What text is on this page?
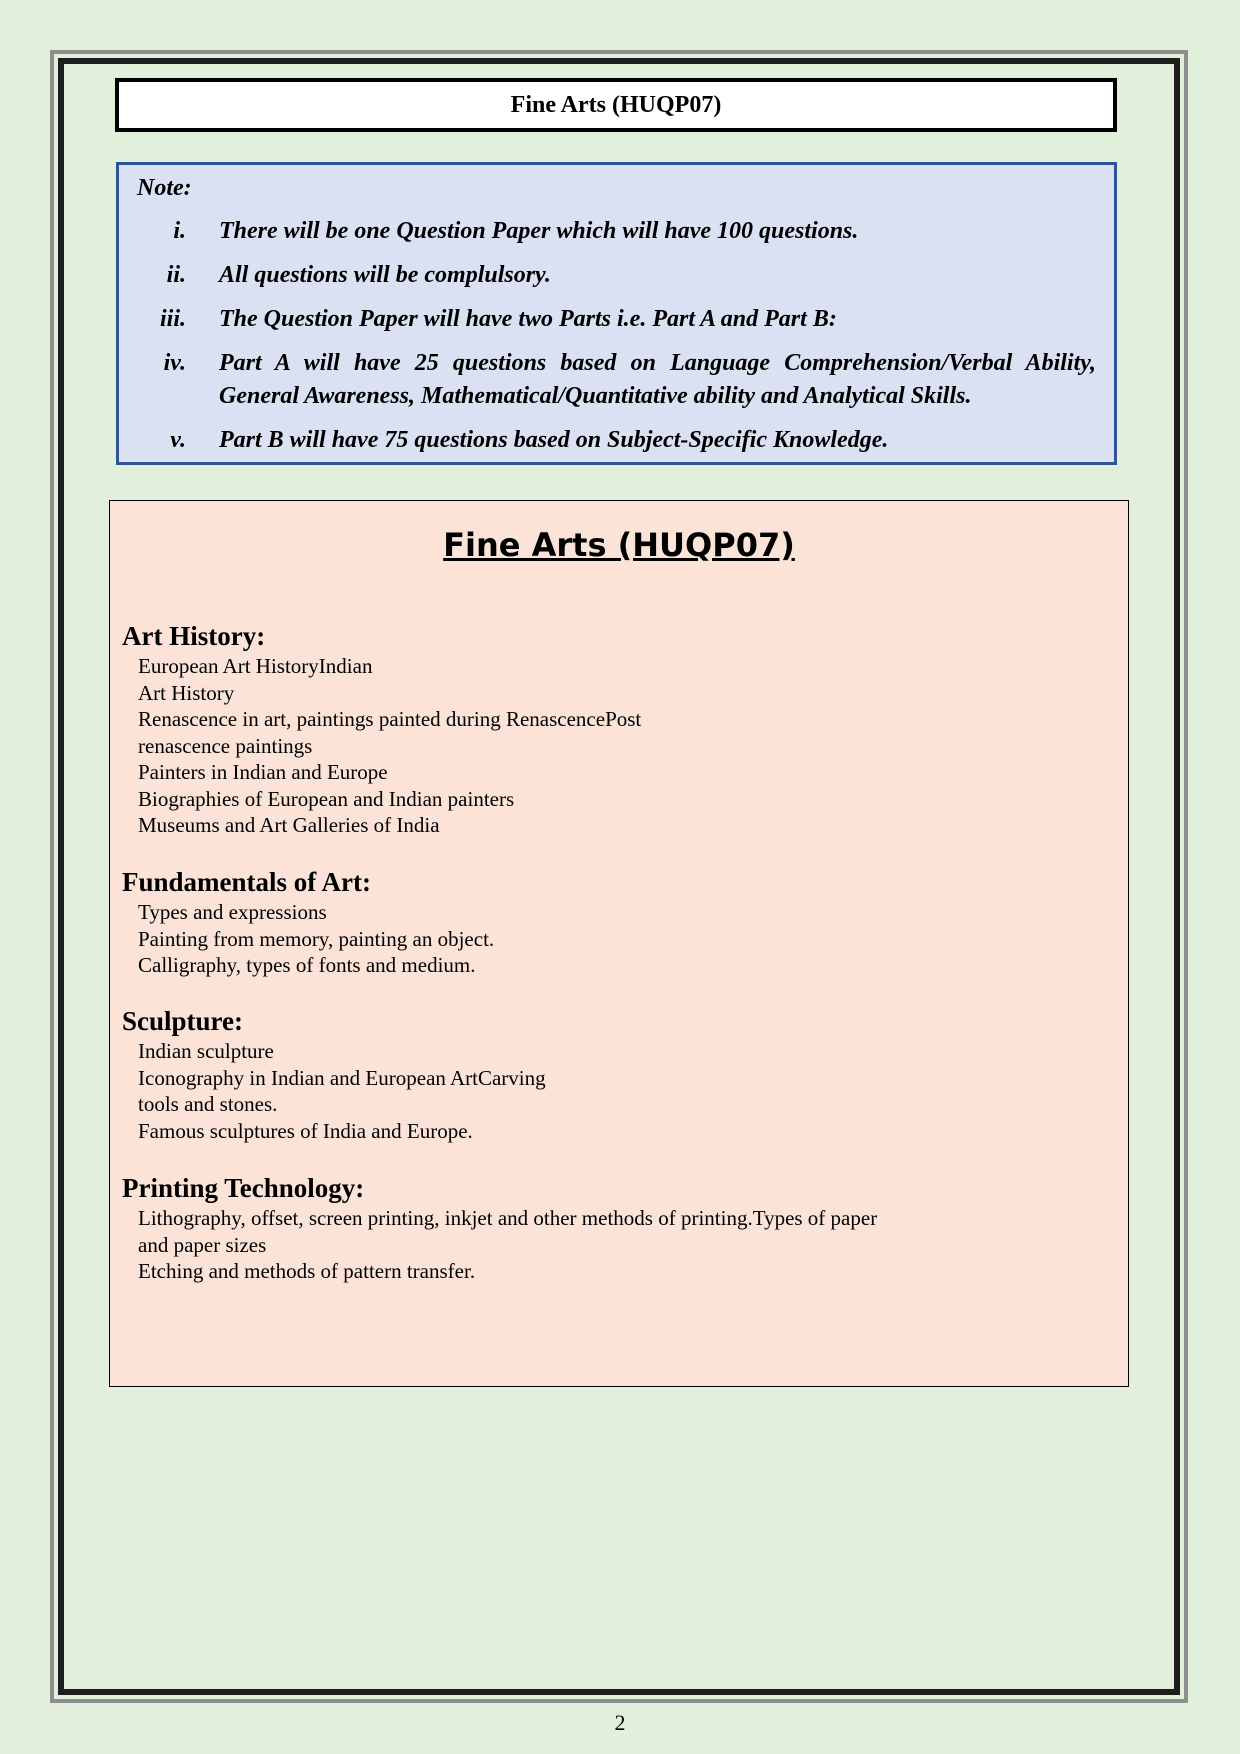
Fine Arts (HUQP07)
Note:
i.	There will be one Question Paper which will have 100 questions.
ii.	All questions will be complulsory.
iii.	The Question Paper will have two Parts i.e. Part A and Part B:
iv.	Part A will have 25 questions based on Language Comprehension/Verbal Ability, General Awareness, Mathematical/Quantitative ability and Analytical Skills.
v.	Part B will have 75 questions based on Subject-Specific Knowledge.
Fine Arts (HUQP07)
Art History:
European Art HistoryIndian
Art History
Renascence in art, paintings painted during RenascencePost
renascence paintings
Painters in Indian and Europe
Biographies of European and Indian painters
Museums and Art Galleries of India
Fundamentals of Art:
Types and expressions
Painting from memory, painting an object.
Calligraphy, types of fonts and medium.
Sculpture:
Indian sculpture
Iconography in Indian and European ArtCarving
tools and stones.
Famous sculptures of India and Europe.
Printing Technology:
Lithography, offset, screen printing, inkjet and other methods of printing.Types of paper
and paper sizes
Etching and methods of pattern transfer.
2
